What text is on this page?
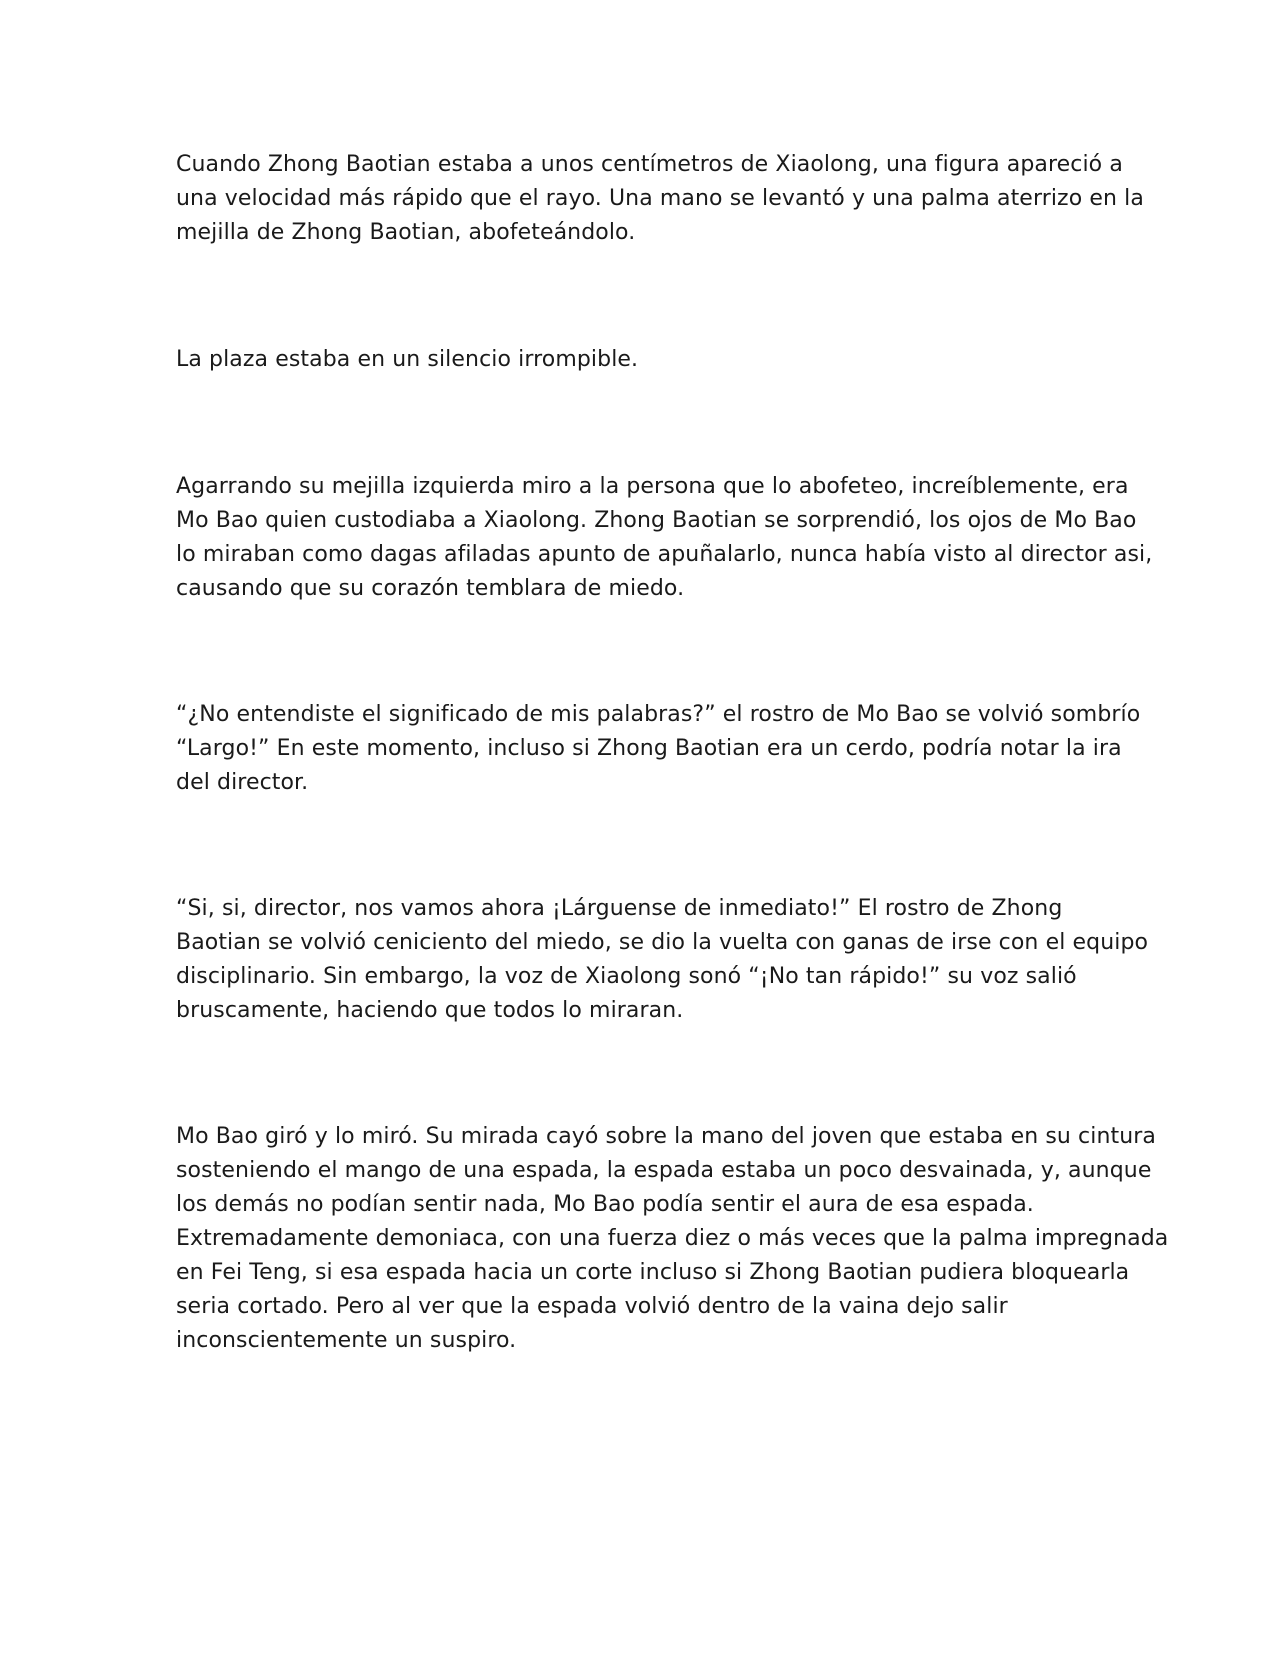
Cuando Zhong Baotian estaba a unos centímetros de Xiaolong, una figura apareció a
una velocidad más rápido que el rayo. Una mano se levantó y una palma aterrizo en la
mejilla de Zhong Baotian, abofeteándolo.

La plaza estaba en un silencio irrompible.

Agarrando su mejilla izquierda miro a la persona que lo abofeteo, increíblemente, era
Mo Bao quien custodiaba a Xiaolong. Zhong Baotian se sorprendió, los ojos de Mo Bao
lo miraban como dagas afiladas apunto de apuñalarlo, nunca había visto al director asi,
causando que su corazón temblara de miedo.

“¿No entendiste el significado de mis palabras?” el rostro de Mo Bao se volvió sombrío
“Largo!” En este momento, incluso si Zhong Baotian era un cerdo, podría notar la ira
del director.

“Si, si, director, nos vamos ahora ¡Lárguense de inmediato!” El rostro de Zhong
Baotian se volvió ceniciento del miedo, se dio la vuelta con ganas de irse con el equipo
disciplinario. Sin embargo, la voz de Xiaolong sonó “¡No tan rápido!” su voz salió
bruscamente, haciendo que todos lo miraran.

Mo Bao giró y lo miró. Su mirada cayó sobre la mano del joven que estaba en su cintura
sosteniendo el mango de una espada, la espada estaba un poco desvainada, y, aunque
los demás no podían sentir nada, Mo Bao podía sentir el aura de esa espada.
Extremadamente demoniaca, con una fuerza diez o más veces que la palma impregnada
en Fei Teng, si esa espada hacia un corte incluso si Zhong Baotian pudiera bloquearla
seria cortado. Pero al ver que la espada volvió dentro de la vaina dejo salir
inconscientemente un suspiro.
